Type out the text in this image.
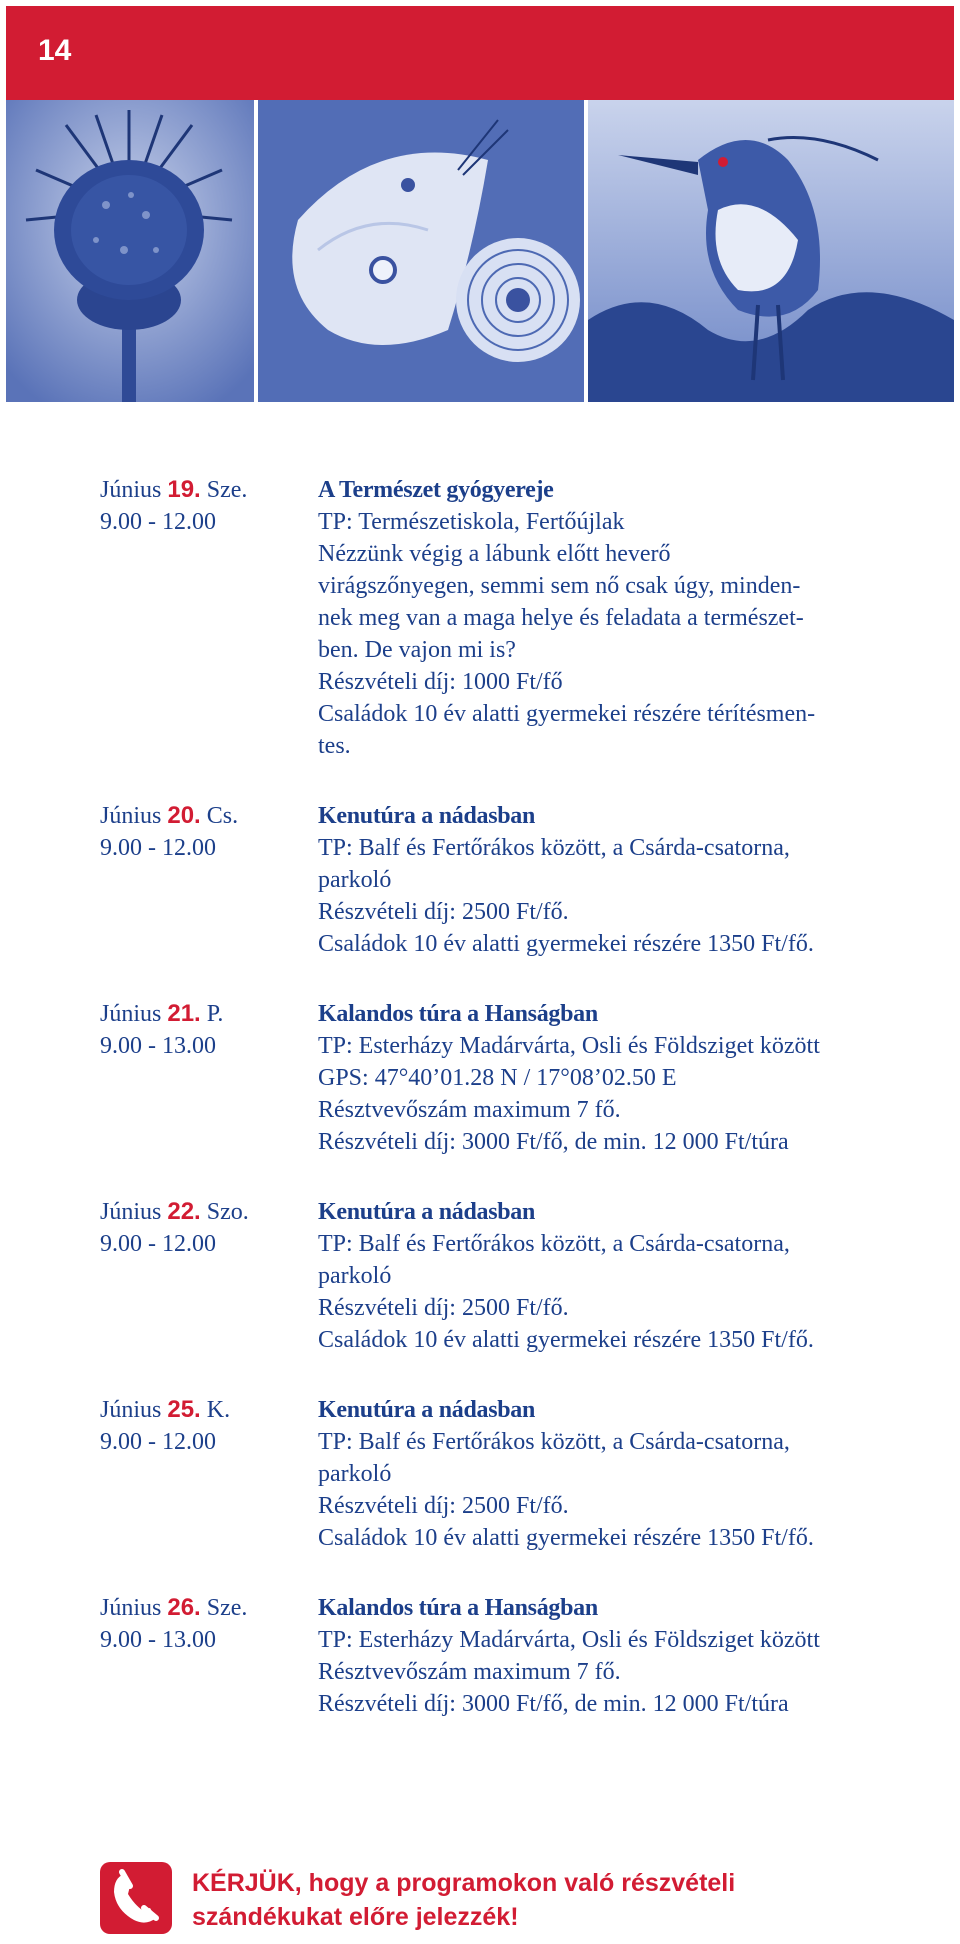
14
Június 19. Sze.
9.00 - 12.00
A Természet gyógyereje
TP: Természetiskola, Fertőújlak
Nézzünk végig a lábunk előtt heverő
virágszőnyegen, semmi sem nő csak úgy, minden-
nek meg van a maga helye és feladata a természet-
ben. De vajon mi is?
Részvételi díj: 1000 Ft/fő
Családok 10 év alatti gyermekei részére térítésmen-
tes.
Június 20. Cs.
9.00 - 12.00
Kenutúra a nádasban
TP: Balf és Fertőrákos között, a Csárda-csatorna,
parkoló
Részvételi díj: 2500 Ft/fő.
Családok 10 év alatti gyermekei részére 1350 Ft/fő.
Június 21. P.
9.00 - 13.00
Kalandos túra a Hanságban
TP: Esterházy Madárvárta, Osli és Földsziget között
GPS: 47°40’01.28 N / 17°08’02.50 E
Résztvevőszám maximum 7 fő.
Részvételi díj: 3000 Ft/fő, de min. 12 000 Ft/túra
Június 22. Szo.
9.00 - 12.00
Kenutúra a nádasban
TP: Balf és Fertőrákos között, a Csárda-csatorna,
parkoló
Részvételi díj: 2500 Ft/fő.
Családok 10 év alatti gyermekei részére 1350 Ft/fő.
Június 25. K.
9.00 - 12.00
Kenutúra a nádasban
TP: Balf és Fertőrákos között, a Csárda-csatorna,
parkoló
Részvételi díj: 2500 Ft/fő.
Családok 10 év alatti gyermekei részére 1350 Ft/fő.
Június 26. Sze.
9.00 - 13.00
Kalandos túra a Hanságban
TP: Esterházy Madárvárta, Osli és Földsziget között
Résztvevőszám maximum 7 fő.
Részvételi díj: 3000 Ft/fő, de min. 12 000 Ft/túra
KÉRJÜK, hogy a programokon való részvételi
szándékukat előre jelezzék!
